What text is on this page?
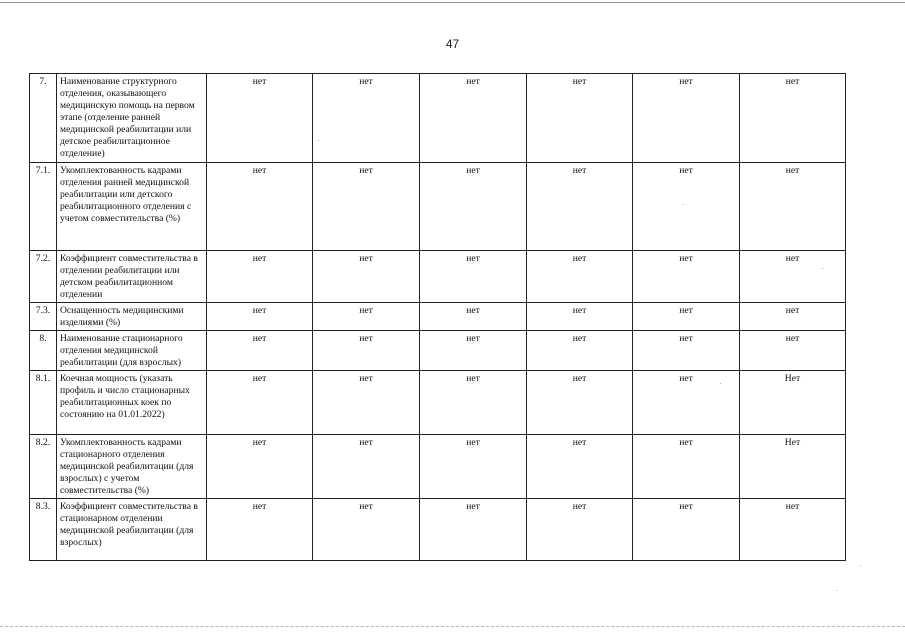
47
7.	Наименование структурного отделения, оказывающего медицинскую помощь на первом этапе (отделение ранней медицинской реабилитации или детское реабилитационное отделение)	нет	нет	нет	нет	нет	нет
7.1.	Укомплектованность кадрами отделения ранней медицинской реабилитации или детского реабилитационного отделения с учетом совместительства (%)	нет	нет	нет	нет	нет	нет
7.2.	Коэффициент совместительства в отделении реабилитации или детском реабилитационном отделении	нет	нет	нет	нет	нет	нет
7.3.	Оснащенность медицинскими изделиями (%)	нет	нет	нет	нет	нет	нет
8.	Наименование стационарного отделения медицинской реабилитации (для взрослых)	нет	нет	нет	нет	нет	нет
8.1.	Коечная мощность (указать профиль и число стационарных реабилитационных коек по состоянию на 01.01.2022)	нет	нет	нет	нет	нет	Нет
8.2.	Укомплектованность кадрами стационарного отделения медицинской реабилитации (для взрослых) с учетом совместительства (%)	нет	нет	нет	нет	нет	Нет
8.3.	Коэффициент совместительства в стационарном отделении медицинской реабилитации (для взрослых)	нет	нет	нет	нет	нет	нет
